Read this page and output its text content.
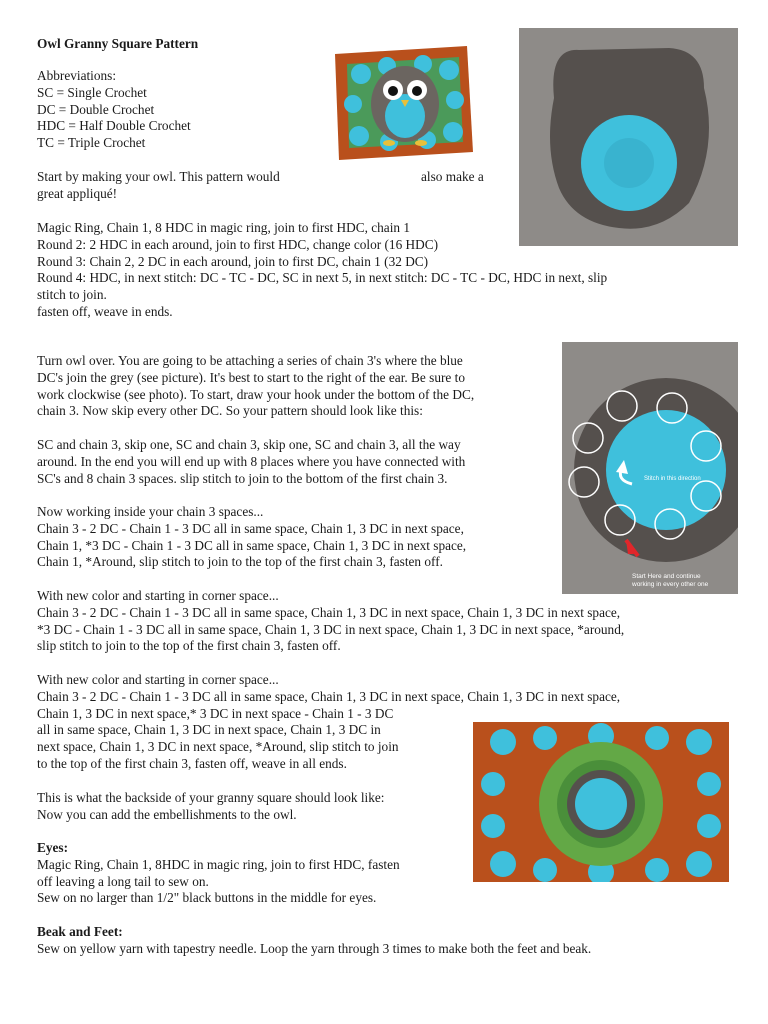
Owl Granny Square Pattern
Abbreviations:
SC = Single Crochet
DC = Double Crochet
HDC = Half Double Crochet
TC = Triple Crochet
Start by making your owl. This pattern would	also make a
great appliqué!
Magic Ring, Chain 1, 8 HDC in magic ring, join to first HDC, chain 1
Round 2: 2 HDC in each around, join to first HDC, change color (16 HDC)
Round 3: Chain 2, 2 DC in each around, join to first DC, chain 1 (32 DC)
Round 4: HDC, in next stitch: DC - TC - DC, SC in next 5, in next stitch: DC - TC - DC, HDC in next, slip
stitch to join.
fasten off, weave in ends.
Turn owl over. You are going to be attaching a series of chain 3's where the blue
DC's join the grey (see picture). It's best to start to the right of the ear. Be sure to
work clockwise (see photo). To start, draw your hook under the bottom of the DC,
chain 3. Now skip every other DC. So your pattern should look like this:
SC and chain 3, skip one, SC and chain 3, skip one, SC and chain 3, all the way
around. In the end you will end up with 8 places where you have connected with
SC's and 8 chain 3 spaces. slip stitch to join to the bottom of the first chain 3.
Now working inside your chain 3 spaces...
Chain 3 - 2 DC - Chain 1 - 3 DC all in same space, Chain 1, 3 DC in next space,
Chain 1, *3 DC - Chain 1 - 3 DC all in same space, Chain 1, 3 DC in next space,
Chain 1, *Around, slip stitch to join to the top of the first chain 3, fasten off.
With new color and starting in corner space...
Chain 3 - 2 DC - Chain 1 - 3 DC all in same space, Chain 1, 3 DC in next space, Chain 1, 3 DC in next space,
*3 DC - Chain 1 - 3 DC all in same space, Chain 1, 3 DC in next space, Chain 1, 3 DC in next space, *around,
slip stitch to join to the top of the first chain 3, fasten off.
With new color and starting in corner space...
Chain 3 - 2 DC - Chain 1 - 3 DC all in same space, Chain 1, 3 DC in next space, Chain 1, 3 DC in next space,
Chain 1, 3 DC in next space,* 3 DC in next space - Chain 1 - 3 DC
all in same space, Chain 1, 3 DC in next space, Chain 1, 3 DC in
next space, Chain 1, 3 DC in next space, *Around, slip stitch to join
to the top of the first chain 3, fasten off, weave in all ends.
This is what the backside of your granny square should look like:
Now you can add the embellishments to the owl.
Eyes:
Magic Ring, Chain 1, 8HDC in magic ring, join to first HDC, fasten
off leaving a long tail to sew on.
Sew on no larger than 1/2" black buttons in the middle for eyes.
Beak and Feet:
Sew on yellow yarn with tapestry needle. Loop the yarn through 3 times to make both the feet and beak.
Stitch in this direction
Start Here and continue
working in every other one
